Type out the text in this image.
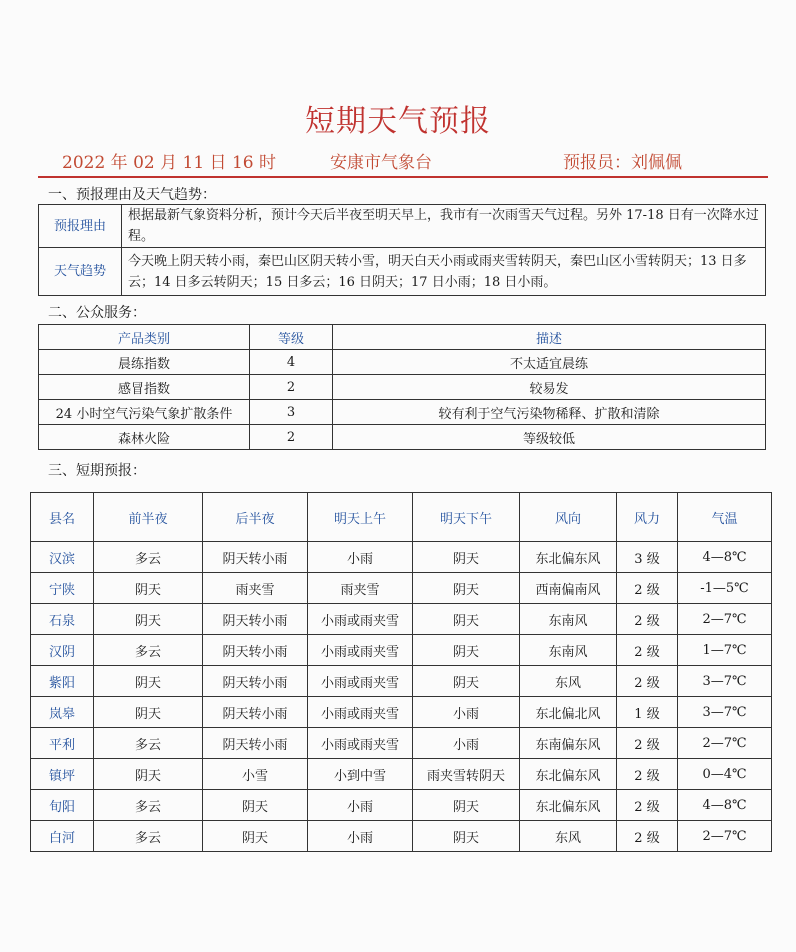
短期天气预报
2022 年 02 月 11 日 16 时	安康市气象台	预报员：刘佩佩
一、预报理由及天气趋势：
预报理由	根据最新气象资料分析，预计今天后半夜至明天早上，我市有一次雨雪天气过程。另外 17-18 日有一次降水过程。
天气趋势	今天晚上阴天转小雨，秦巴山区阴天转小雪，明天白天小雨或雨夹雪转阴天，秦巴山区小雪转阴天；13 日多云；14 日多云转阴天；15 日多云；16 日阴天；17 日小雨；18 日小雨。
二、公众服务：
产品类别	等级	描述
晨练指数	4	不太适宜晨练
感冒指数	2	较易发
24 小时空气污染气象扩散条件	3	较有利于空气污染物稀释、扩散和清除
森林火险	2	等级较低
三、短期预报：
县名	前半夜	后半夜	明天上午	明天下午	风向	风力	气温
汉滨	多云	阴天转小雨	小雨	阴天	东北偏东风	3 级	4—8℃
宁陕	阴天	雨夹雪	雨夹雪	阴天	西南偏南风	2 级	-1—5℃
石泉	阴天	阴天转小雨	小雨或雨夹雪	阴天	东南风	2 级	2—7℃
汉阴	多云	阴天转小雨	小雨或雨夹雪	阴天	东南风	2 级	1—7℃
紫阳	阴天	阴天转小雨	小雨或雨夹雪	阴天	东风	2 级	3—7℃
岚皋	阴天	阴天转小雨	小雨或雨夹雪	小雨	东北偏北风	1 级	3—7℃
平利	多云	阴天转小雨	小雨或雨夹雪	小雨	东南偏东风	2 级	2—7℃
镇坪	阴天	小雪	小到中雪	雨夹雪转阴天	东北偏东风	2 级	0—4℃
旬阳	多云	阴天	小雨	阴天	东北偏东风	2 级	4—8℃
白河	多云	阴天	小雨	阴天	东风	2 级	2—7℃
